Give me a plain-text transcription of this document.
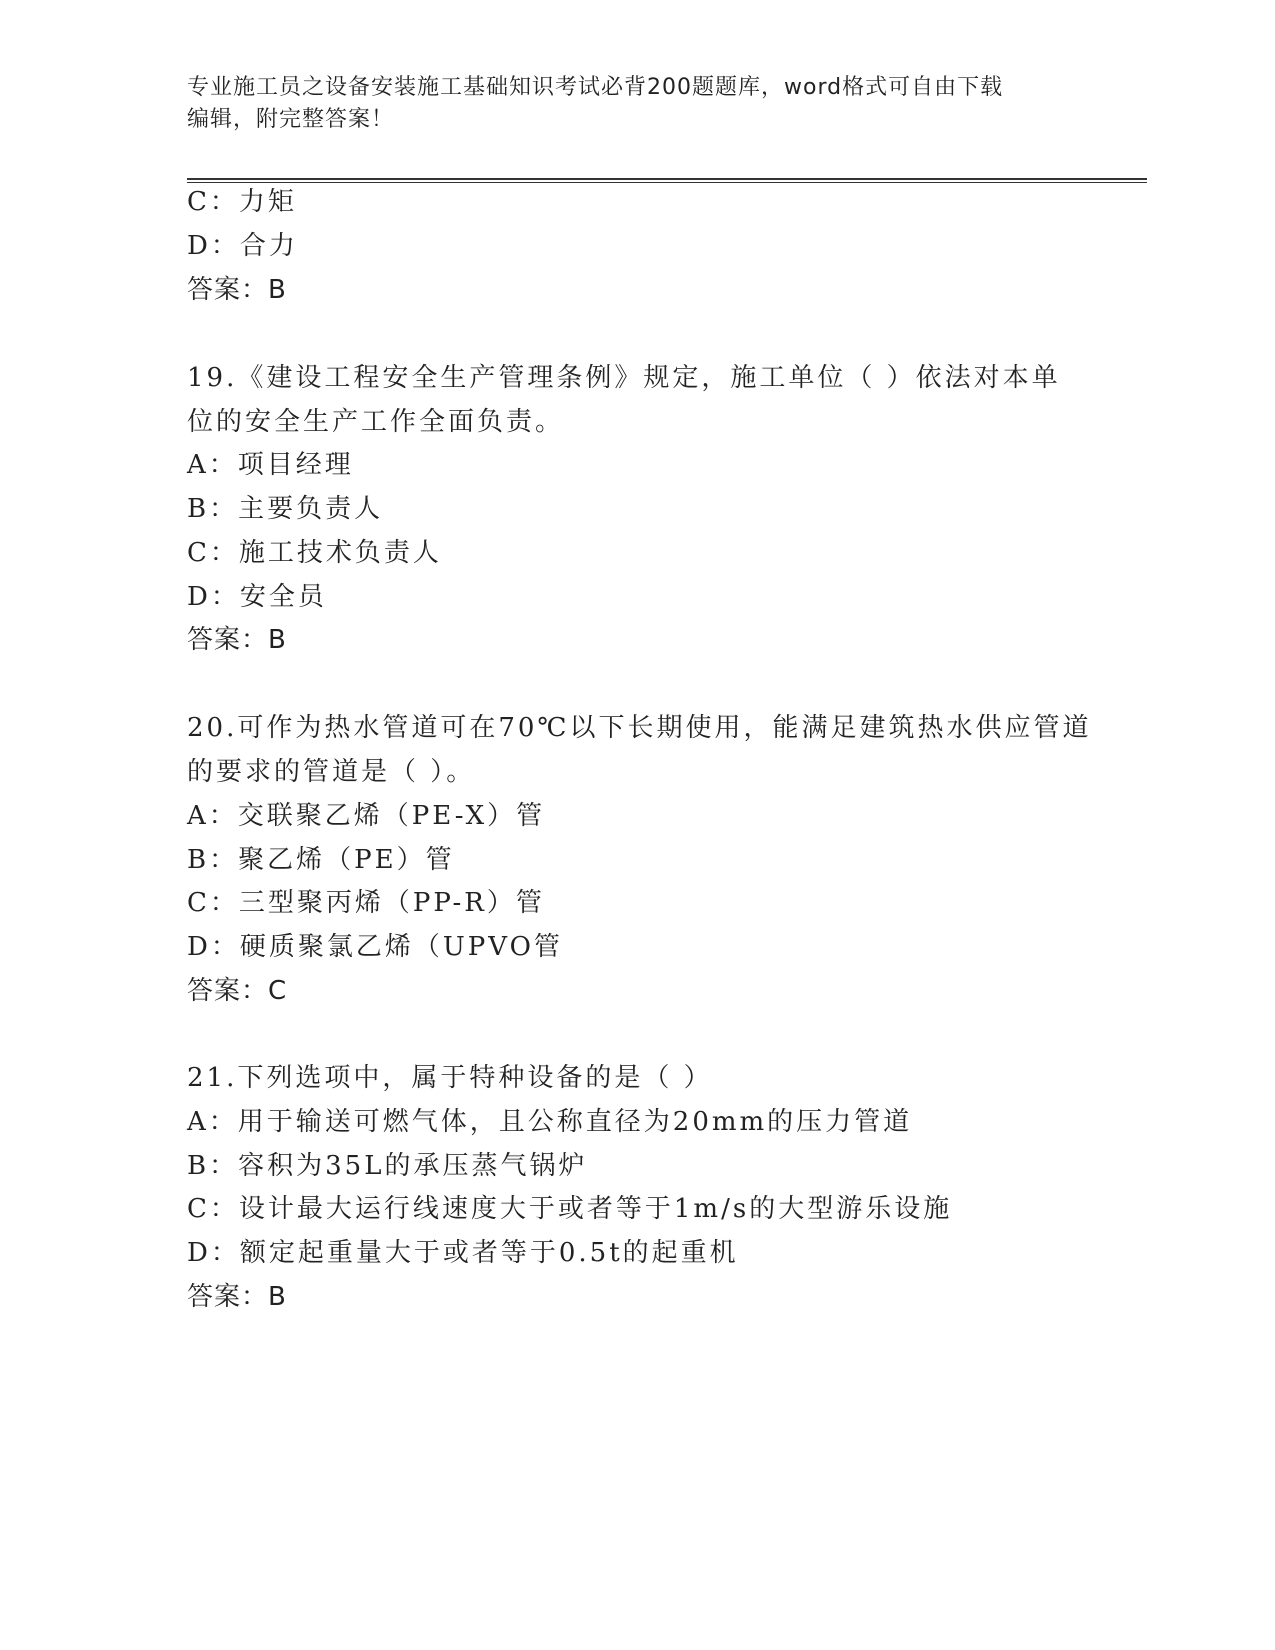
专业施工员之设备安装施工基础知识考试必背200题题库，word格式可自由下载
编辑，附完整答案！
C：力矩
D：合力
答案：B
19.《建设工程安全生产管理条例》规定，施工单位（ ）依法对本单
位的安全生产工作全面负责。
A：项目经理
B：主要负责人
C：施工技术负责人
D：安全员
答案：B
20.可作为热水管道可在70℃以下长期使用，能满足建筑热水供应管道
的要求的管道是（ ）。
A：交联聚乙烯（PE-X）管
B：聚乙烯（PE）管
C：三型聚丙烯（PP-R）管
D：硬质聚氯乙烯（UPVO管
答案：C
21.下列选项中，属于特种设备的是（ ）
A：用于输送可燃气体，且公称直径为20mm的压力管道
B：容积为35L的承压蒸气锅炉
C：设计最大运行线速度大于或者等于1m/s的大型游乐设施
D：额定起重量大于或者等于0.5t的起重机
答案：B
